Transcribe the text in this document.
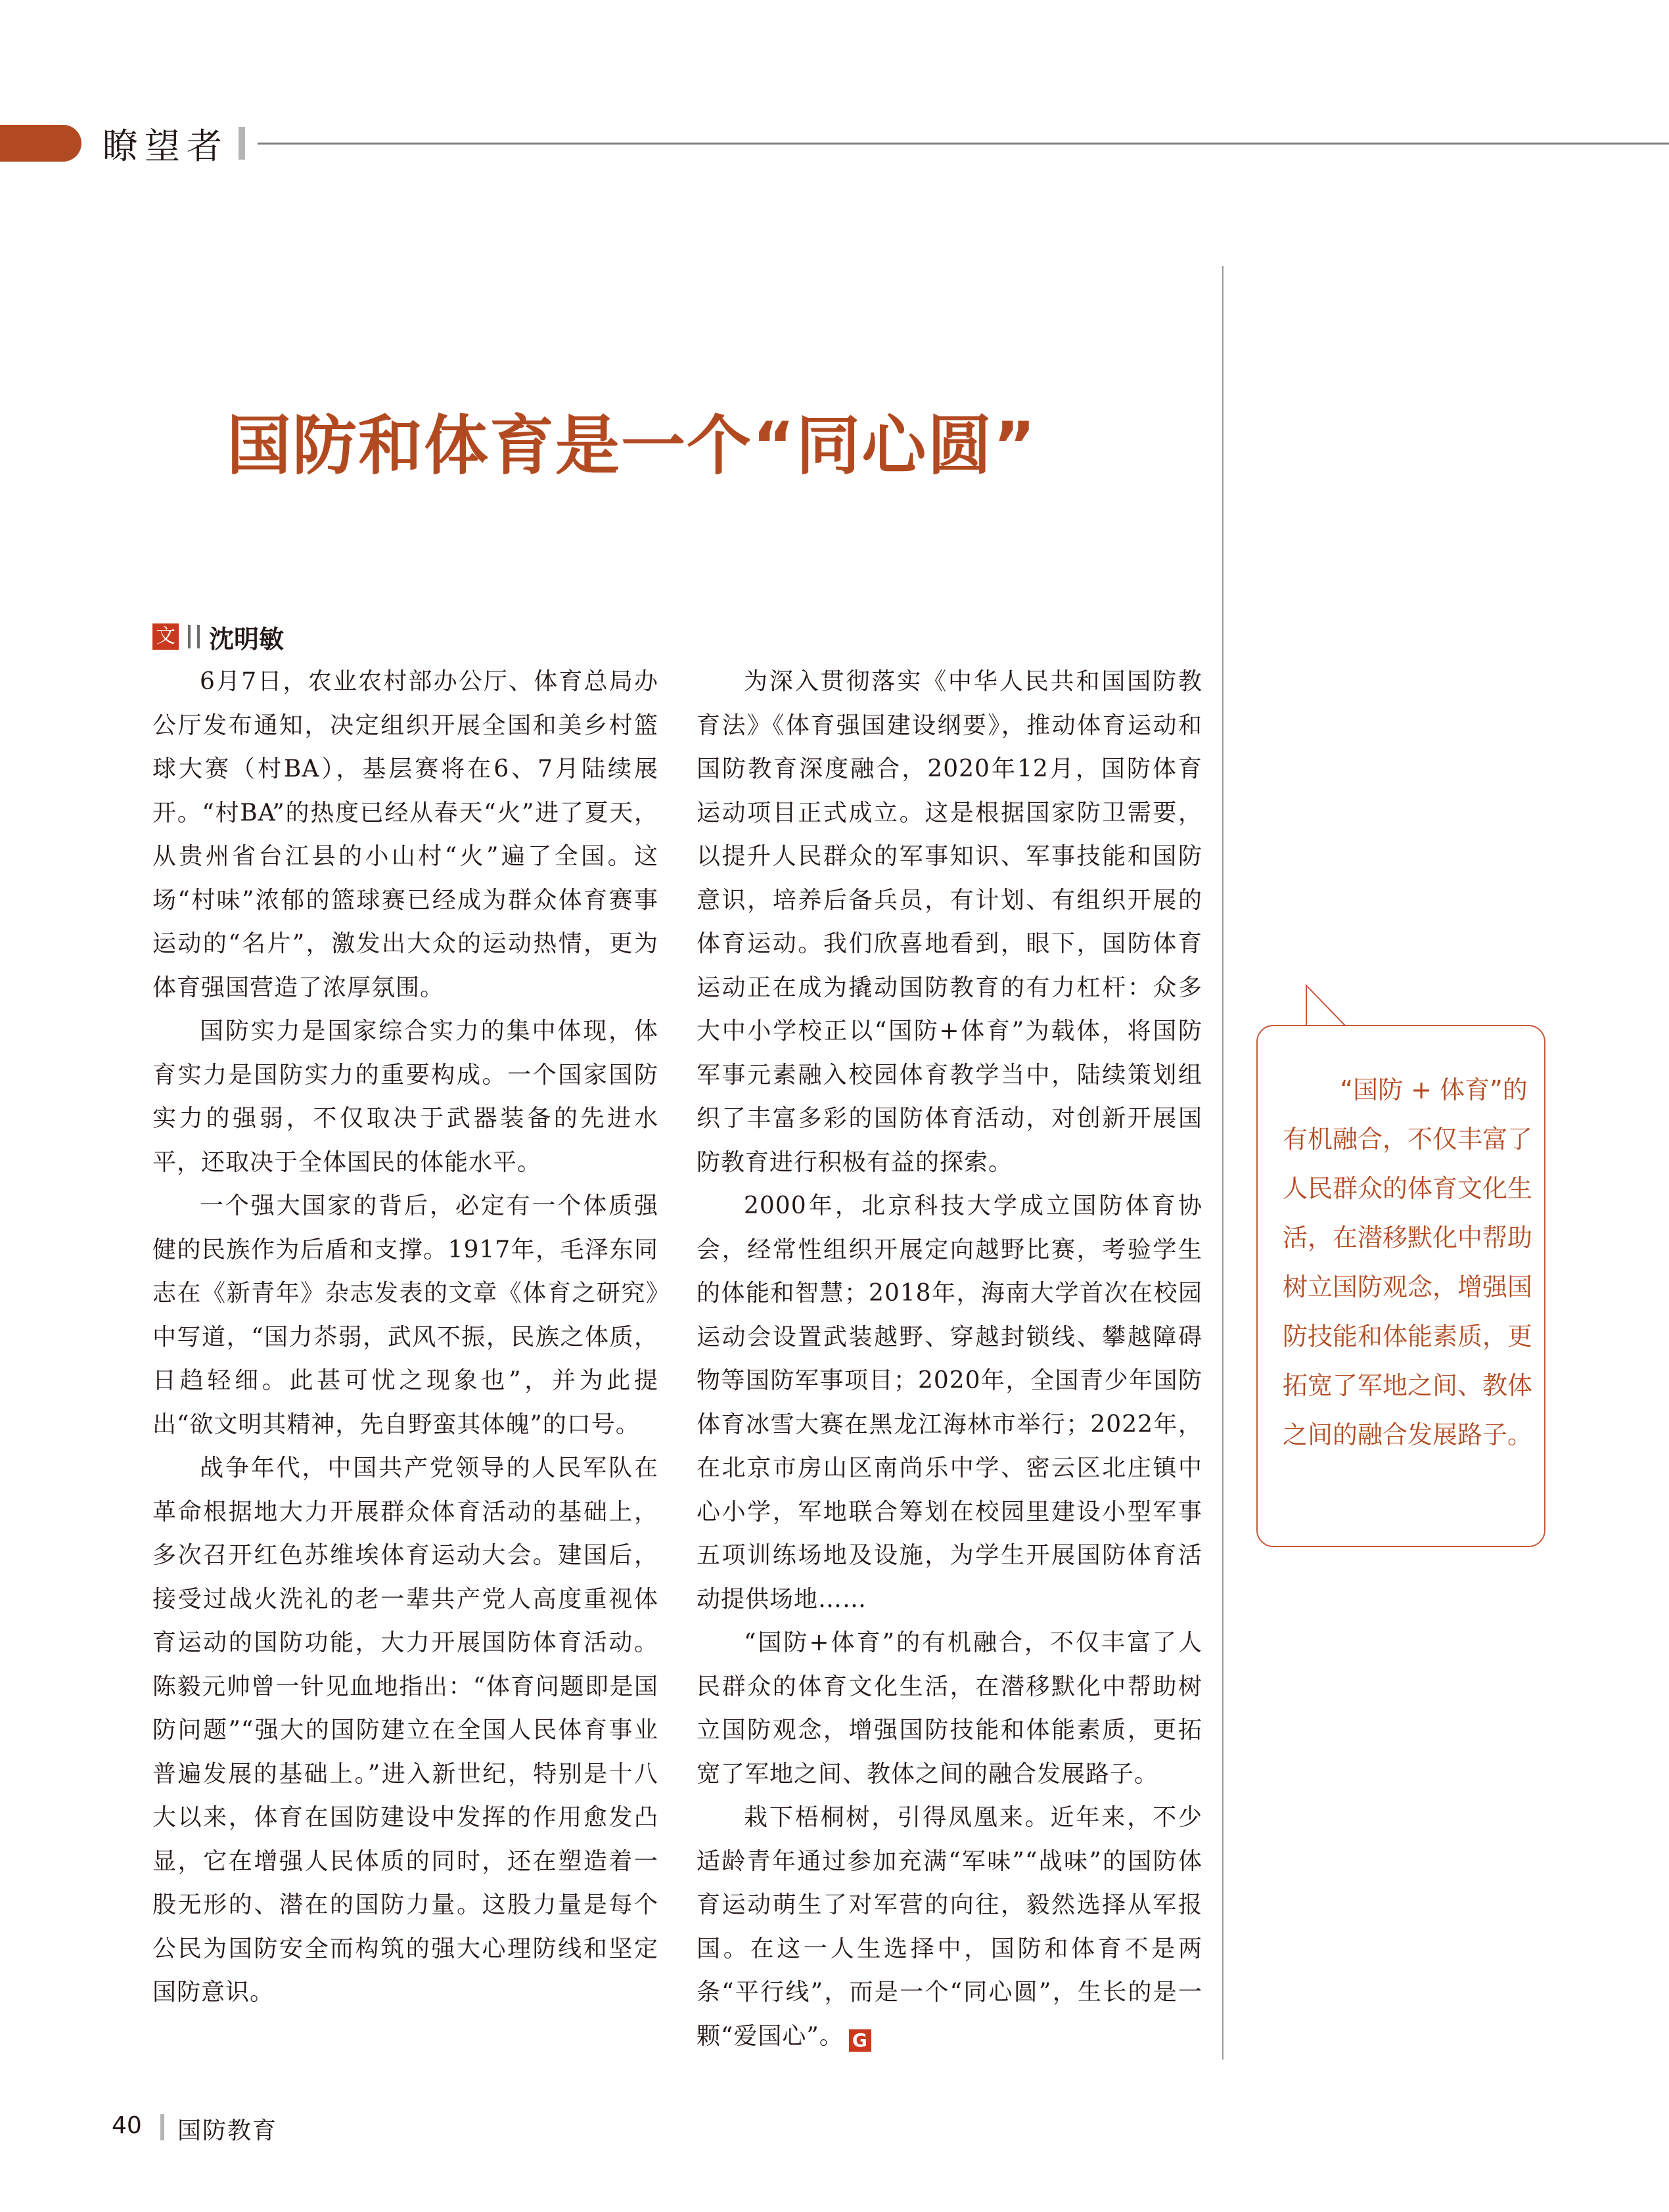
瞭望者
国防和体育是一个“同心圆”
文 沈明敏

6月7日，农业农村部办公厅、体育总局办公厅发布通知，决定组织开展全国和美乡村篮球大赛（村BA），基层赛将在6、7月陆续展开。“村BA”的热度已经从春天“火”进了夏天，从贵州省台江县的小山村“火”遍了全国。这场“村味”浓郁的篮球赛已经成为群众体育赛事运动的“名片”，激发出大众的运动热情，更为体育强国营造了浓厚氛围。

国防实力是国家综合实力的集中体现，体育实力是国防实力的重要构成。一个国家国防实力的强弱，不仅取决于武器装备的先进水平，还取决于全体国民的体能水平。

一个强大国家的背后，必定有一个体质强健的民族作为后盾和支撑。1917年，毛泽东同志在《新青年》杂志发表的文章《体育之研究》中写道，“国力苶弱，武风不振，民族之体质，日趋轻细。此甚可忧之现象也”，并为此提出“欲文明其精神，先自野蛮其体魄”的口号。

战争年代，中国共产党领导的人民军队在革命根据地大力开展群众体育活动的基础上，多次召开红色苏维埃体育运动大会。建国后，接受过战火洗礼的老一辈共产党人高度重视体育运动的国防功能，大力开展国防体育活动。陈毅元帅曾一针见血地指出：“体育问题即是国防问题”“强大的国防建立在全国人民体育事业普遍发展的基础上。”进入新世纪，特别是十八大以来，体育在国防建设中发挥的作用愈发凸显，它在增强人民体质的同时，还在塑造着一股无形的、潜在的国防力量。这股力量是每个公民为国防安全而构筑的强大心理防线和坚定国防意识。

为深入贯彻落实《中华人民共和国国防教育法》《体育强国建设纲要》，推动体育运动和国防教育深度融合，2020年12月，国防体育运动项目正式成立。这是根据国家防卫需要，以提升人民群众的军事知识、军事技能和国防意识，培养后备兵员，有计划、有组织开展的体育运动。我们欣喜地看到，眼下，国防体育运动正在成为撬动国防教育的有力杠杆：众多大中小学校正以“国防+体育”为载体，将国防军事元素融入校园体育教学当中，陆续策划组织了丰富多彩的国防体育活动，对创新开展国防教育进行积极有益的探索。

2000年，北京科技大学成立国防体育协会，经常性组织开展定向越野比赛，考验学生的体能和智慧；2018年，海南大学首次在校园运动会设置武装越野、穿越封锁线、攀越障碍物等国防军事项目；2020年，全国青少年国防体育冰雪大赛在黑龙江海林市举行；2022年，在北京市房山区南尚乐中学、密云区北庄镇中心小学，军地联合筹划在校园里建设小型军事五项训练场地及设施，为学生开展国防体育活动提供场地……

“国防+体育”的有机融合，不仅丰富了人民群众的体育文化生活，在潜移默化中帮助树立国防观念，增强国防技能和体能素质，更拓宽了军地之间、教体之间的融合发展路子。

栽下梧桐树，引得凤凰来。近年来，不少适龄青年通过参加充满“军味”“战味”的国防体育运动萌生了对军营的向往，毅然选择从军报国。在这一人生选择中，国防和体育不是两条“平行线”，而是一个“同心圆”，生长的是一颗“爱国心”。 G

“国防 + 体育”的有机融合，不仅丰富了人民群众的体育文化生活，在潜移默化中帮助树立国防观念，增强国防技能和体能素质，更拓宽了军地之间、教体之间的融合发展路子。
40 国防教育
